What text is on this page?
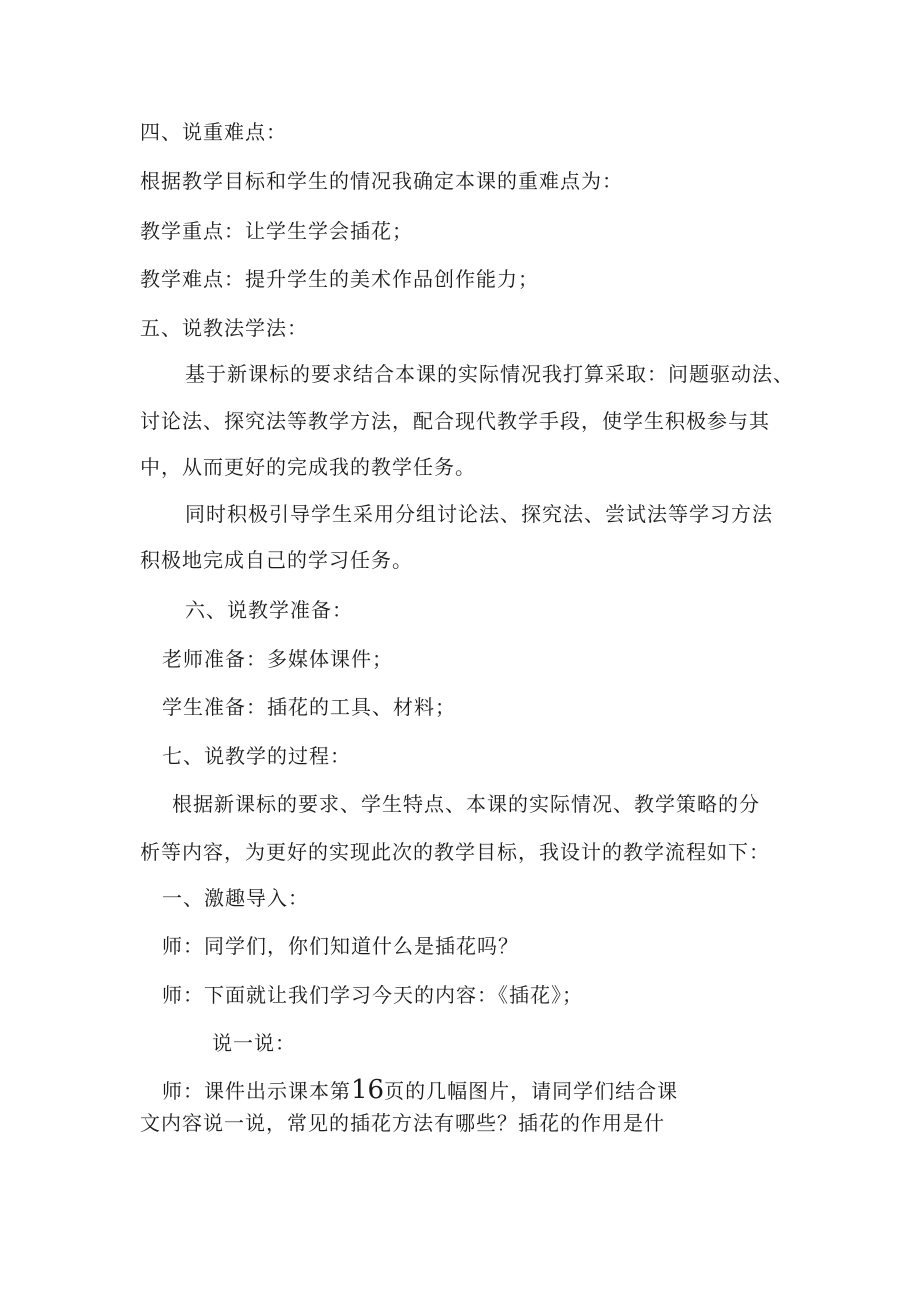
四、说重难点：
根据教学目标和学生的情况我确定本课的重难点为：
教学重点：让学生学会插花；
教学难点：提升学生的美术作品创作能力；
五、说教法学法：
基于新课标的要求结合本课的实际情况我打算采取：问题驱动法、
讨论法、探究法等教学方法，配合现代教学手段，使学生积极参与其
中，从而更好的完成我的教学任务。
同时积极引导学生采用分组讨论法、探究法、尝试法等学习方法
积极地完成自己的学习任务。
六、说教学准备：
老师准备：多媒体课件；
学生准备：插花的工具、材料；
七、说教学的过程：
根据新课标的要求、学生特点、本课的实际情况、教学策略的分
析等内容，为更好的实现此次的教学目标，我设计的教学流程如下：
一、激趣导入：
师：同学们，你们知道什么是插花吗？
师：下面就让我们学习今天的内容：《插花》；
说一说：
师：课件出示课本第16页的几幅图片，请同学们结合课
文内容说一说，常见的插花方法有哪些？插花的作用是什
